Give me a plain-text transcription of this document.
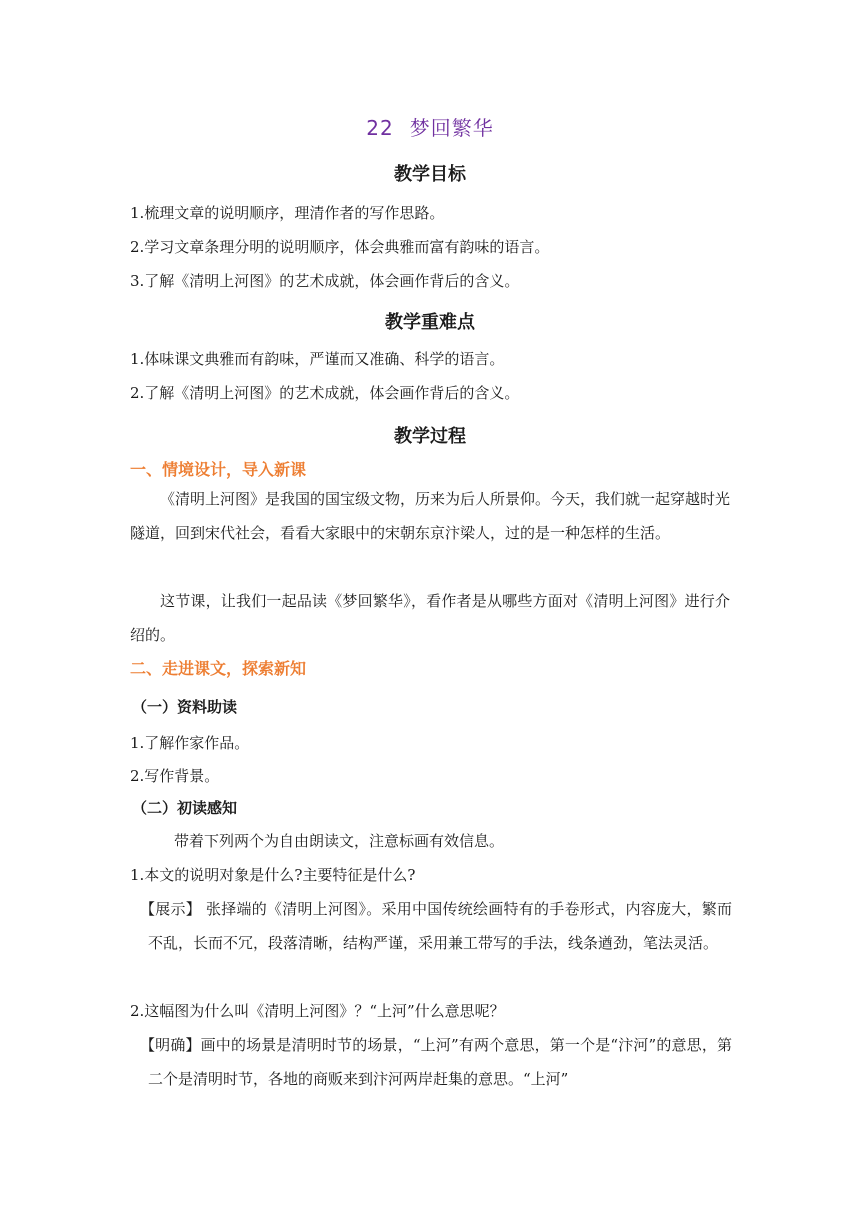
22 梦回繁华
教学目标

1.梳理文章的说明顺序，理清作者的写作思路。

2.学习文章条理分明的说明顺序，体会典雅而富有韵味的语言。

3.了解《清明上河图》的艺术成就，体会画作背后的含义。

教学重难点

1.体味课文典雅而有韵味，严谨而又准确、科学的语言。

2.了解《清明上河图》的艺术成就，体会画作背后的含义。

教学过程
一、情境设计，导入新课

《清明上河图》是我国的国宝级文物，历来为后人所景仰。今天，我们就一起穿越时光隧道，回到宋代社会，看看大家眼中的宋朝东京汴梁人，过的是一种怎样的生活。

这节课，让我们一起品读《梦回繁华》，看作者是从哪些方面对《清明上河图》进行介绍的。

二、走进课文，探索新知
（一）资料助读

1.了解作家作品。

2.写作背景。

（二）初读感知

带着下列两个为自由朗读文，注意标画有效信息。

1.本文的说明对象是什么?主要特征是什么?

【展示】 张择端的《清明上河图》。采用中国传统绘画特有的手卷形式，内容庞大，繁而不乱，长而不冗，段落清晰，结构严谨，采用兼工带写的手法，线条遒劲，笔法灵活。

2.这幅图为什么叫《清明上河图》？“上河”什么意思呢？

【明确】画中的场景是清明时节的场景，“上河”有两个意思，第一个是“汴河”的意思，第二个是清明时节，各地的商贩来到汴河两岸赶集的意思。“上河”
